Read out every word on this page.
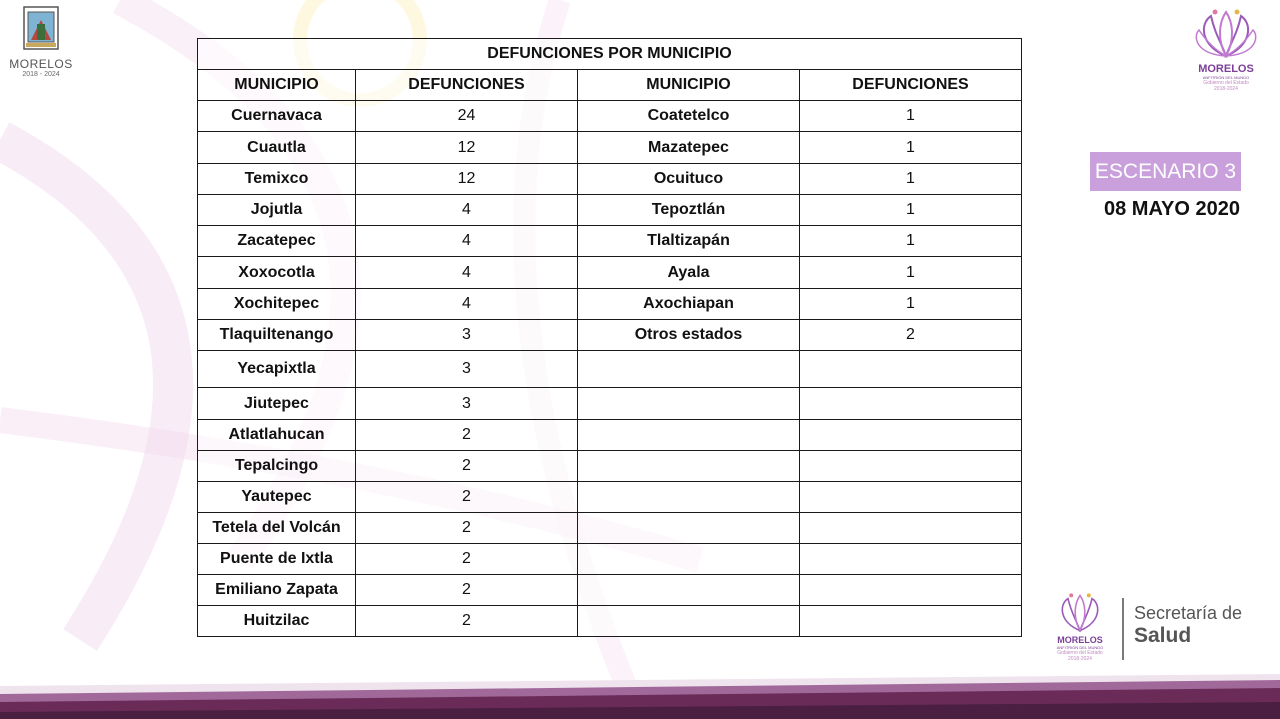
MORELOS
2018 - 2024	MORELOS
ANFITRIÓN DEL MUNDO
Gobierno del Estado
2018-2024
ESCENARIO 3
08 MAYO 2020
DEFUNCIONES POR MUNICIPIO			
MUNICIPIO	DEFUNCIONES	MUNICIPIO	DEFUNCIONES
Cuernavaca	24	Coatetelco	1
Cuautla	12	Mazatepec	1
Temixco	12	Ocuituco	1
Jojutla	4	Tepoztlán	1
Zacatepec	4	Tlaltizapán	1
Xoxocotla	4	Ayala	1
Xochitepec	4	Axochiapan	1
Tlaquiltenango	3	Otros estados	2
Yecapixtla	3		
Jiutepec	3		
Atlatlahucan	2		
Tepalcingo	2		
Yautepec	2		
Tetela del Volcán	2		
Puente de Ixtla	2		
Emiliano Zapata	2		
Huitzilac	2		
MORELOS
ANFITRIÓN DEL MUNDO
Gobierno del Estado
2018-2024
Secretaría de
Salud
